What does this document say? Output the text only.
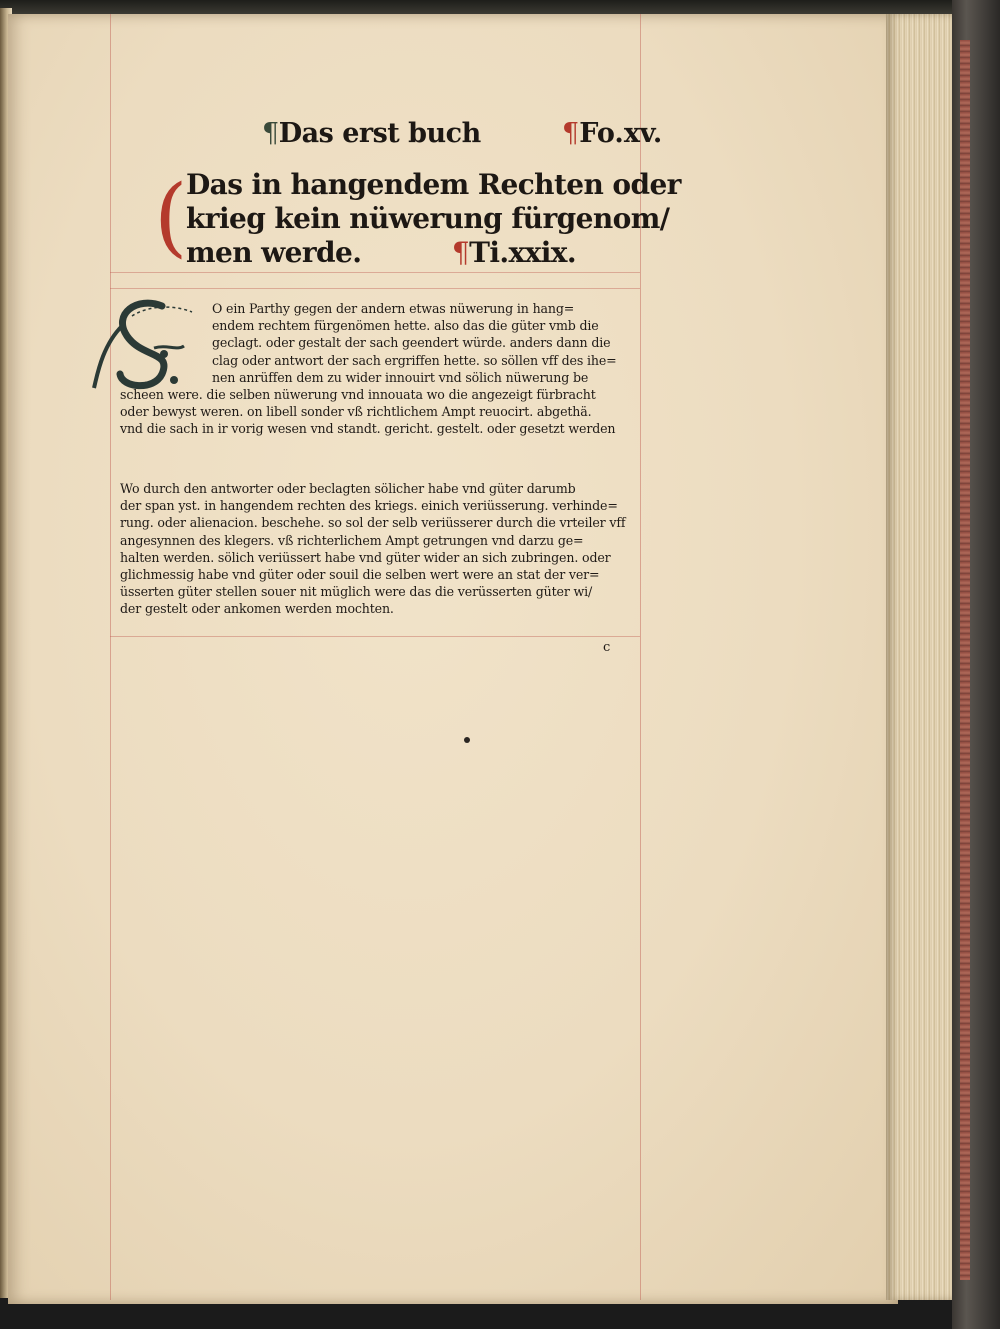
¶Das erst buch	¶Fo.xv.
(
Das in hangendem Rechten oder
krieg kein nüwerung fürgenom/
men werde.	¶Ti.xxix.
O ein Parthy gegen der andern etwas nüwerung in hang=
endem rechtem fürgenömen hette. also das die güter vmb die
geclagt. oder gestalt der sach geendert würde. anders dann die
clag oder antwort der sach ergriffen hette. so söllen vff des ihe=
nen anrüffen dem zu wider innouirt vnd sölich nüwerung be
scheen were. die selben nüwerung vnd innouata wo die angezeigt fürbracht
oder bewyst weren. on libell sonder vß richtlichem Ampt reuocirt. abgethä.
vnd die sach in ir vorig wesen vnd standt. gericht. gestelt. oder gesetzt werden
Wo durch den antworter oder beclagten sölicher habe vnd güter darumb
der span yst. in hangendem rechten des kriegs. einich veriüsserung. verhinde=
rung. oder alienacion. beschehe. so sol der selb veriüsserer durch die vrteiler vff
angesynnen des klegers. vß richterlichem Ampt getrungen vnd darzu ge=
halten werden. sölich veriüssert habe vnd güter wider an sich zubringen. oder
glichmessig habe vnd güter oder souil die selben wert were an stat der ver=
üsserten güter stellen souer nit müglich were das die verüsserten güter wi/
der gestelt oder ankomen werden mochten.
c
